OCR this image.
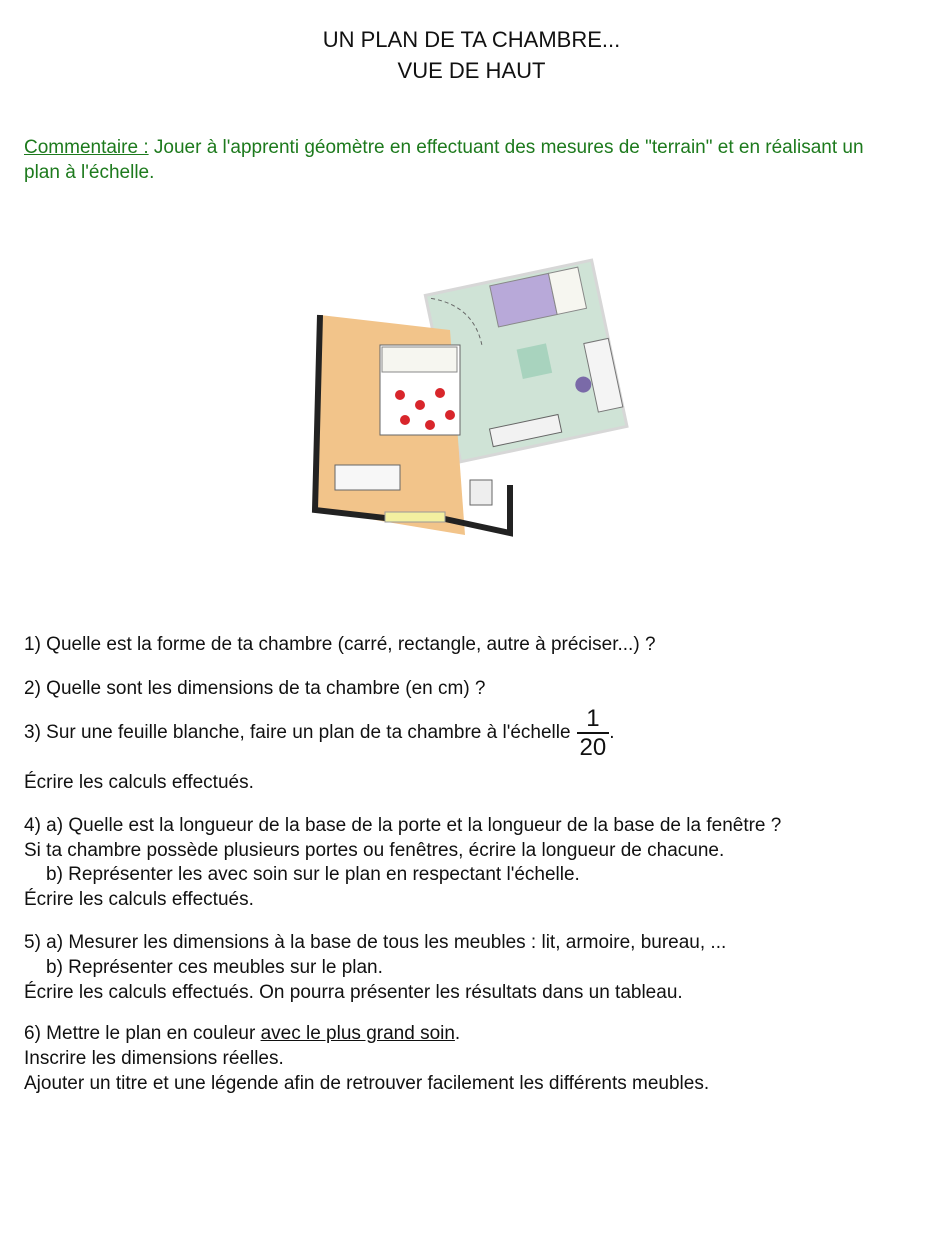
UN PLAN DE TA CHAMBRE...
VUE DE HAUT
Commentaire : Jouer à l'apprenti géomètre en effectuant des mesures de "terrain" et en réalisant un plan à l'échelle.
1) Quelle est la forme de ta chambre (carré, rectangle, autre à préciser...) ?
2) Quelle sont les dimensions de ta chambre (en cm) ?
3) Sur une feuille blanche, faire un plan de ta chambre à l'échelle $\frac{1}{20}$ .
Écrire les calculs effectués.
4) a) Quelle est la longueur de la base de la porte et la longueur de la base de la fenêtre ?
Si ta chambre possède plusieurs portes ou fenêtres, écrire la longueur de chacune.
b) Représenter les avec soin sur le plan en respectant l'échelle.
Écrire les calculs effectués.
5) a) Mesurer les dimensions à la base de tous les meubles : lit, armoire, bureau, ...
b) Représenter ces meubles sur le plan.
Écrire les calculs effectués. On pourra présenter les résultats dans un tableau.
6) Mettre le plan en couleur avec le plus grand soin.
Inscrire les dimensions réelles.
Ajouter un titre et une légende afin de retrouver facilement les différents meubles.
